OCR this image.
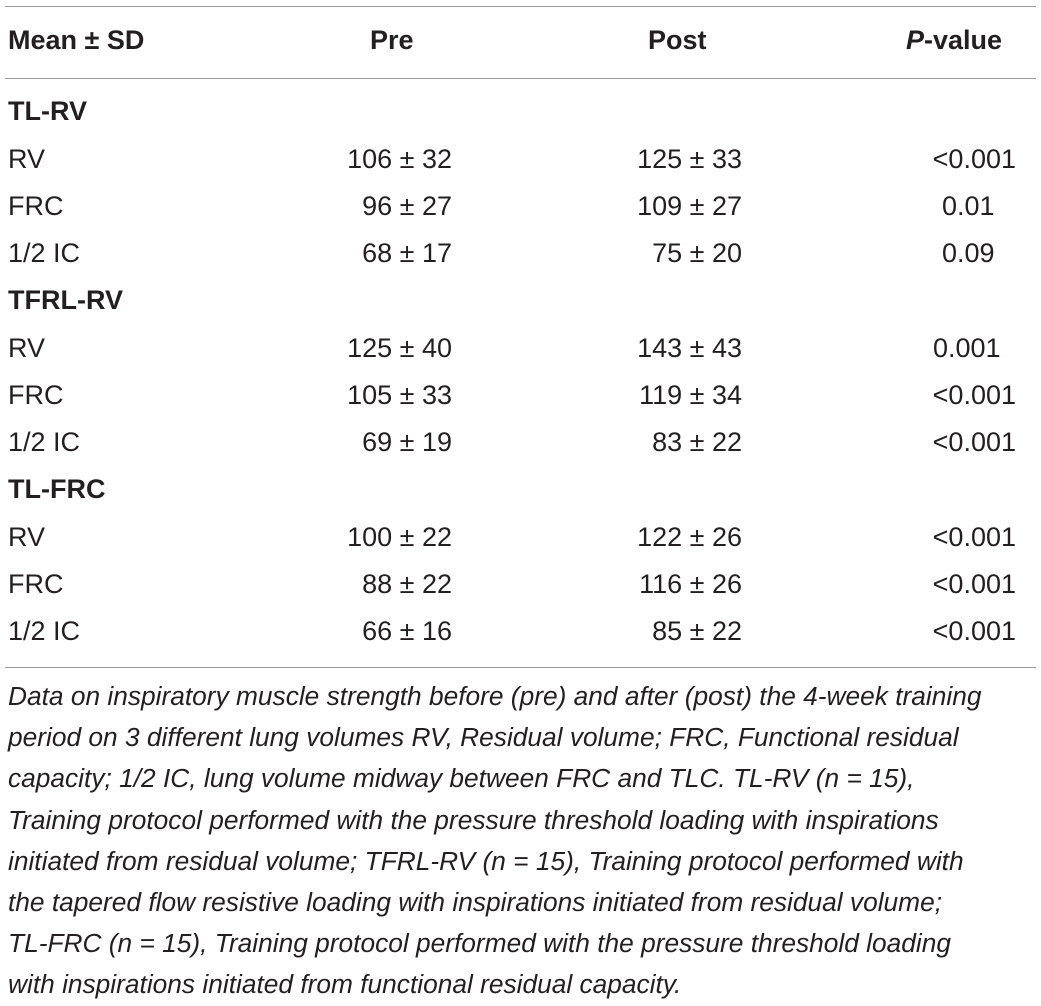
Mean ± SD	Pre	Post	P-value
TL-RV
RV	106 ± 32	125 ± 33	<0.001
FRC	96 ± 27	109 ± 27	0.01
1/2 IC	68 ± 17	75 ± 20	0.09
TFRL-RV
RV	125 ± 40	143 ± 43	0.001
FRC	105 ± 33	119 ± 34	<0.001
1/2 IC	69 ± 19	83 ± 22	<0.001
TL-FRC
RV	100 ± 22	122 ± 26	<0.001
FRC	88 ± 22	116 ± 26	<0.001
1/2 IC	66 ± 16	85 ± 22	<0.001
Data on inspiratory muscle strength before (pre) and after (post) the 4-week training
period on 3 different lung volumes RV, Residual volume; FRC, Functional residual
capacity; 1/2 IC, lung volume midway between FRC and TLC. TL-RV (n = 15),
Training protocol performed with the pressure threshold loading with inspirations
initiated from residual volume; TFRL-RV (n = 15), Training protocol performed with
the tapered flow resistive loading with inspirations initiated from residual volume;
TL-FRC (n = 15), Training protocol performed with the pressure threshold loading
with inspirations initiated from functional residual capacity.
